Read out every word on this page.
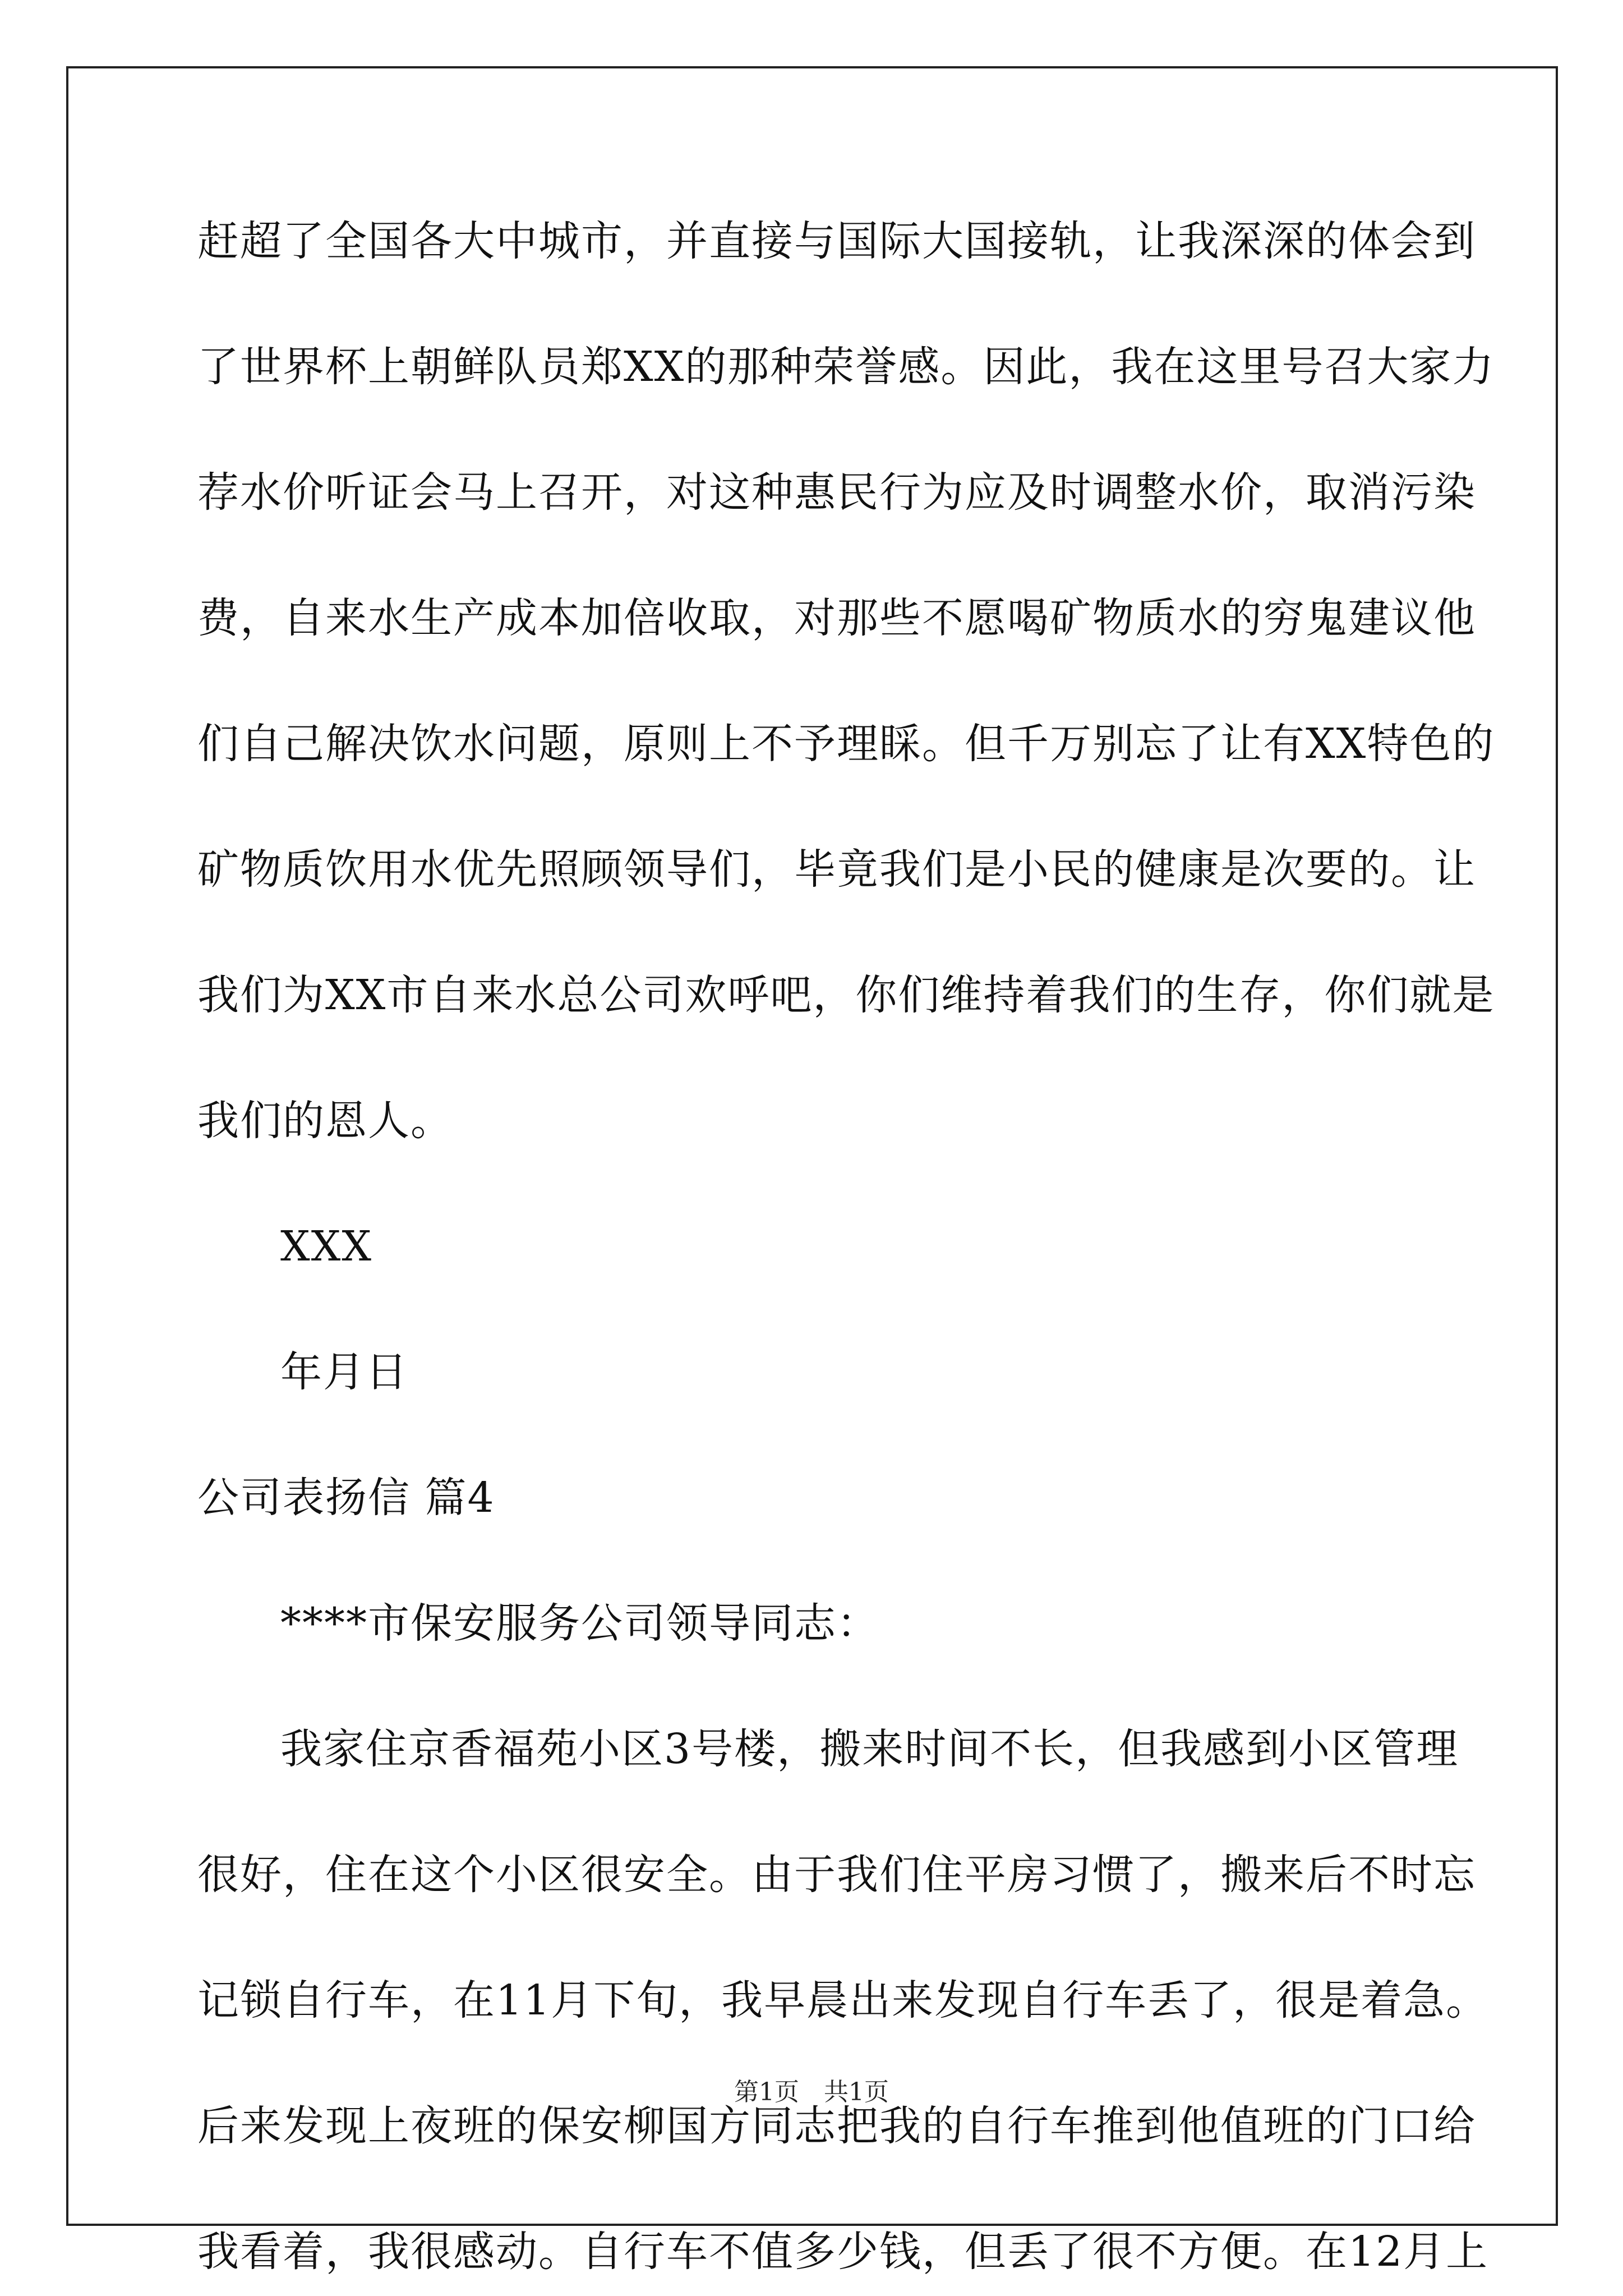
赶超了全国各大中城市，并直接与国际大国接轨，让我深深的体会到
了世界杯上朝鲜队员郑XX的那种荣誉感。因此，我在这里号召大家力
荐水价听证会马上召开，对这种惠民行为应及时调整水价，取消污染
费，自来水生产成本加倍收取，对那些不愿喝矿物质水的穷鬼建议他
们自己解决饮水问题，原则上不予理睬。但千万别忘了让有XX特色的
矿物质饮用水优先照顾领导们，毕竟我们是小民的健康是次要的。让
我们为XX市自来水总公司欢呼吧，你们维持着我们的生存，你们就是
我们的恩人。
XXX
年月日
公司表扬信 篇4
****市保安服务公司领导同志：
我家住京香福苑小区3号楼，搬来时间不长，但我感到小区管理
很好，住在这个小区很安全。由于我们住平房习惯了，搬来后不时忘
记锁自行车，在11月下旬，我早晨出来发现自行车丢了，很是着急。
后来发现上夜班的保安柳国方同志把我的自行车推到他值班的门口给
我看着，我很感动。自行车不值多少钱，但丢了很不方便。在12月上
第1页　共1页
